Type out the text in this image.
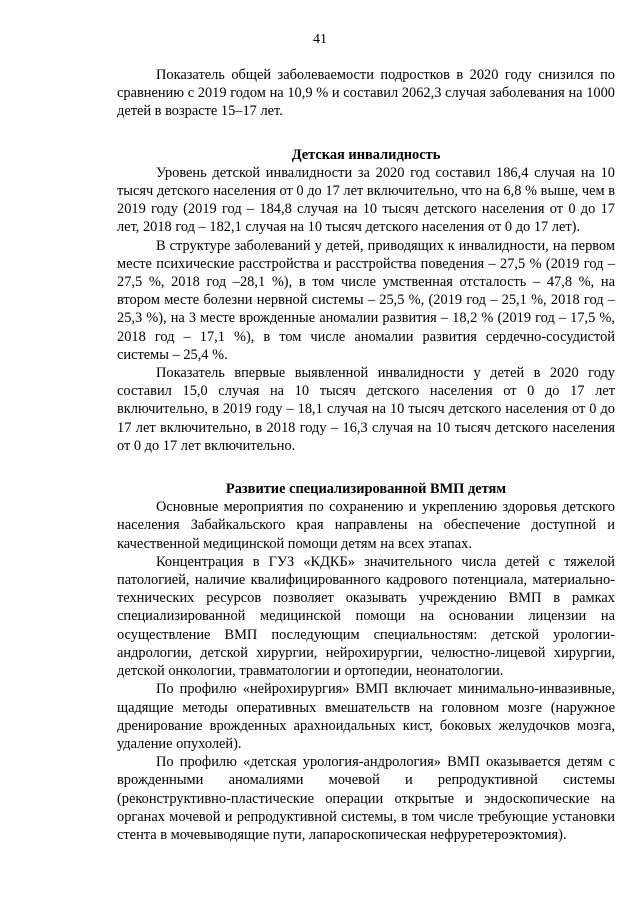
41

Показатель общей заболеваемости подростков в 2020 году снизился по сравнению с 2019 годом на 10,9 % и составил 2062,3 случая заболевания на 1000 детей в возрасте 15–17 лет.

Детская инвалидность

Уровень детской инвалидности за 2020 год составил 186,4 случая на 10 тысяч детского населения от 0 до 17 лет включительно, что на 6,8 % выше, чем в 2019 году (2019 год – 184,8 случая на 10 тысяч детского населения от 0 до 17 лет, 2018 год – 182,1 случая на 10 тысяч детского населения от 0 до 17 лет).

В структуре заболеваний у детей, приводящих к инвалидности, на первом месте психические расстройства и расстройства поведения – 27,5 % (2019 год – 27,5 %, 2018 год –28,1 %), в том числе умственная отсталость – 47,8 %, на втором месте болезни нервной системы – 25,5 %, (2019 год – 25,1 %, 2018 год – 25,3 %), на 3 месте врожденные аномалии развития – 18,2 % (2019 год – 17,5 %, 2018 год – 17,1 %), в том числе аномалии развития сердечно-сосудистой системы – 25,4 %.

Показатель впервые выявленной инвалидности у детей в 2020 году составил 15,0 случая на 10 тысяч детского населения от 0 до 17 лет включительно, в 2019 году – 18,1 случая на 10 тысяч детского населения от 0 до 17 лет включительно, в 2018 году – 16,3 случая на 10 тысяч детского населения от 0 до 17 лет включительно.

Развитие специализированной ВМП детям

Основные мероприятия по сохранению и укреплению здоровья детского населения Забайкальского края направлены на обеспечение доступной и качественной медицинской помощи детям на всех этапах.

Концентрация в ГУЗ «КДКБ» значительного числа детей с тяжелой патологией, наличие квалифицированного кадрового потенциала, материально-технических ресурсов позволяет оказывать учреждению ВМП в рамках специализированной медицинской помощи на основании лицензии на осуществление ВМП последующим специальностям: детской урологии-андрологии, детской хирургии, нейрохирургии, челюстно-лицевой хирургии, детской онкологии, травматологии и ортопедии, неонатологии.

По профилю «нейрохирургия» ВМП включает минимально-инвазивные, щадящие методы оперативных вмешательств на головном мозге (наружное дренирование врожденных арахноидальных кист, боковых желудочков мозга, удаление опухолей).

По профилю «детская урология-андрология» ВМП оказывается детям с врожденными аномалиями мочевой и репродуктивной системы (реконструктивно-пластические операции открытые и эндоскопические на органах мочевой и репродуктивной системы, в том числе требующие установки стента в мочевыводящие пути, лапароскопическая нефруретероэктомия).
